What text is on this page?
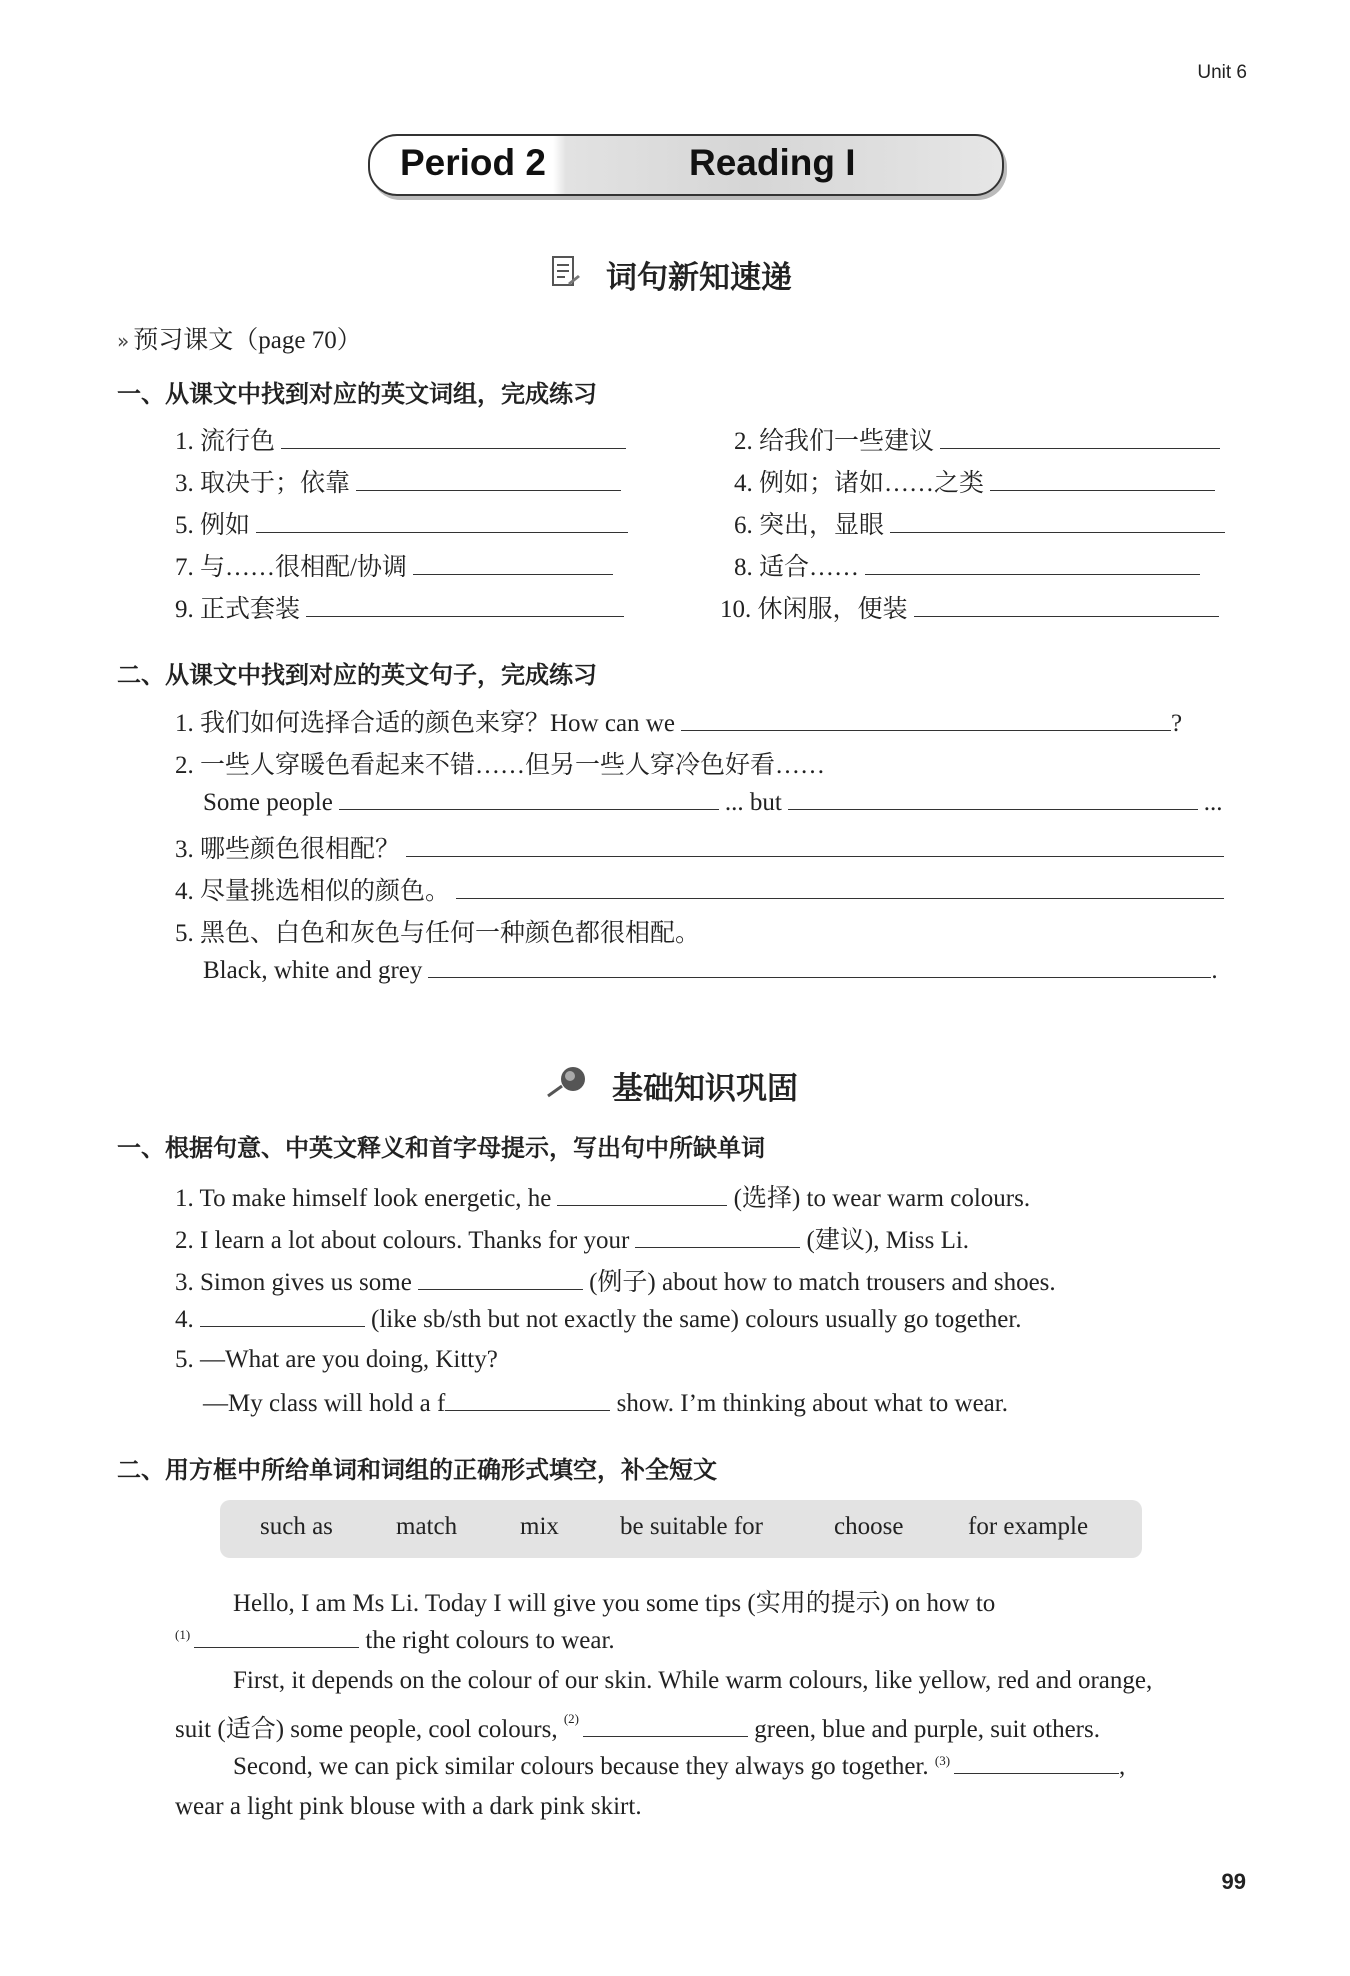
Unit 6
Period 2	Reading I
词句新知速递
» 预习课文（page 70）
一、从课文中找到对应的英文词组，完成练习
1. 流行色	2. 给我们一些建议
3. 取决于；依靠	4. 例如；诸如……之类
5. 例如	6. 突出，显眼
7. 与……很相配/协调	8. 适合……
9. 正式套装	10. 休闲服，便装
二、从课文中找到对应的英文句子，完成练习
1. 我们如何选择合适的颜色来穿？How can we	?
2. 一些人穿暖色看起来不错……但另一些人穿冷色好看……
Some people	... but	...
3. 哪些颜色很相配？
4. 尽量挑选相似的颜色。
5. 黑色、白色和灰色与任何一种颜色都很相配。
Black, white and grey	.
基础知识巩固
一、根据句意、中英文释义和首字母提示，写出句中所缺单词
1. To make himself look energetic, he	(选择) to wear warm colours.
2. I learn a lot about colours. Thanks for your	(建议), Miss Li.
3. Simon gives us some	(例子) about how to match trousers and shoes.
4.	(like sb/sth but not exactly the same) colours usually go together.
5. —What are you doing, Kitty?
—My class will hold a f	show. I’m thinking about what to wear.
二、用方框中所给单词和词组的正确形式填空，补全短文
such as	match	mix be suitable for	choose	for example
Hello, I am Ms Li. Today I will give you some tips (实用的提示) on how to
$^{(1)}$	the right colours to wear.
First, it depends on the colour of our skin. While warm colours, like yellow, red and orange,
suit (适合) some people, cool colours, $^{(2)}$	green, blue and purple, suit others.
Second, we can pick similar colours because they always go together. $^{(3)}$	,
wear a light pink blouse with a dark pink skirt.
99
